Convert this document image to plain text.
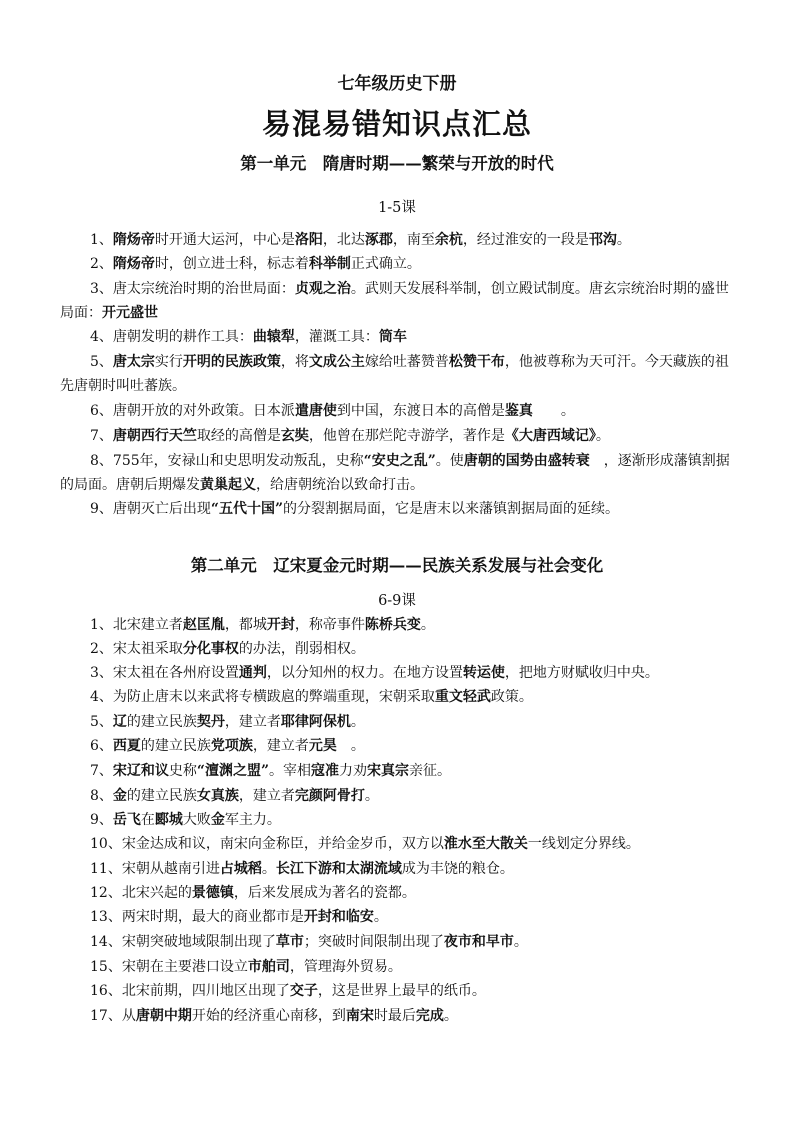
七年级历史下册
易混易错知识点汇总
第一单元　隋唐时期——繁荣与开放的时代
1-5课
1、隋炀帝时开通大运河，中心是洛阳，北达涿郡，南至余杭，经过淮安的一段是邗沟。
2、隋炀帝时，创立进士科，标志着科举制正式确立。
3、唐太宗统治时期的治世局面：贞观之治。武则天发展科举制，创立殿试制度。唐玄宗统治时期的盛世局面：开元盛世
4、唐朝发明的耕作工具：曲辕犁，灌溉工具：筒车
5、唐太宗实行开明的民族政策，将文成公主嫁给吐蕃赞普松赞干布，他被尊称为天可汗。今天藏族的祖先唐朝时叫吐蕃族。
6、唐朝开放的对外政策。日本派遣唐使到中国，东渡日本的高僧是鉴真　　。
7、唐朝西行天竺取经的高僧是玄奘，他曾在那烂陀寺游学，著作是《大唐西域记》。
8、755年，安禄山和史思明发动叛乱，史称“安史之乱”。使唐朝的国势由盛转衰　，逐渐形成藩镇割据的局面。唐朝后期爆发黄巢起义，给唐朝统治以致命打击。
9、唐朝灭亡后出现“五代十国”的分裂割据局面，它是唐末以来藩镇割据局面的延续。
第二单元　辽宋夏金元时期——民族关系发展与社会变化
6-9课
1、北宋建立者赵匡胤，都城开封，称帝事件陈桥兵变。
2、宋太祖采取分化事权的办法，削弱相权。
3、宋太祖在各州府设置通判，以分知州的权力。在地方设置转运使，把地方财赋收归中央。
4、为防止唐末以来武将专横跋扈的弊端重现，宋朝采取重文轻武政策。
5、辽的建立民族契丹，建立者耶律阿保机。
6、西夏的建立民族党项族，建立者元昊　。
7、宋辽和议史称“澶渊之盟”。宰相寇准力劝宋真宗亲征。
8、金的建立民族女真族，建立者完颜阿骨打。
9、岳飞在郾城大败金军主力。
10、宋金达成和议，南宋向金称臣，并给金岁币，双方以淮水至大散关一线划定分界线。
11、宋朝从越南引进占城稻。长江下游和太湖流域成为丰饶的粮仓。
12、北宋兴起的景德镇，后来发展成为著名的瓷都。
13、两宋时期，最大的商业都市是开封和临安。
14、宋朝突破地域限制出现了草市；突破时间限制出现了夜市和早市。
15、宋朝在主要港口设立市舶司，管理海外贸易。
16、北宋前期，四川地区出现了交子，这是世界上最早的纸币。
17、从唐朝中期开始的经济重心南移，到南宋时最后完成。
